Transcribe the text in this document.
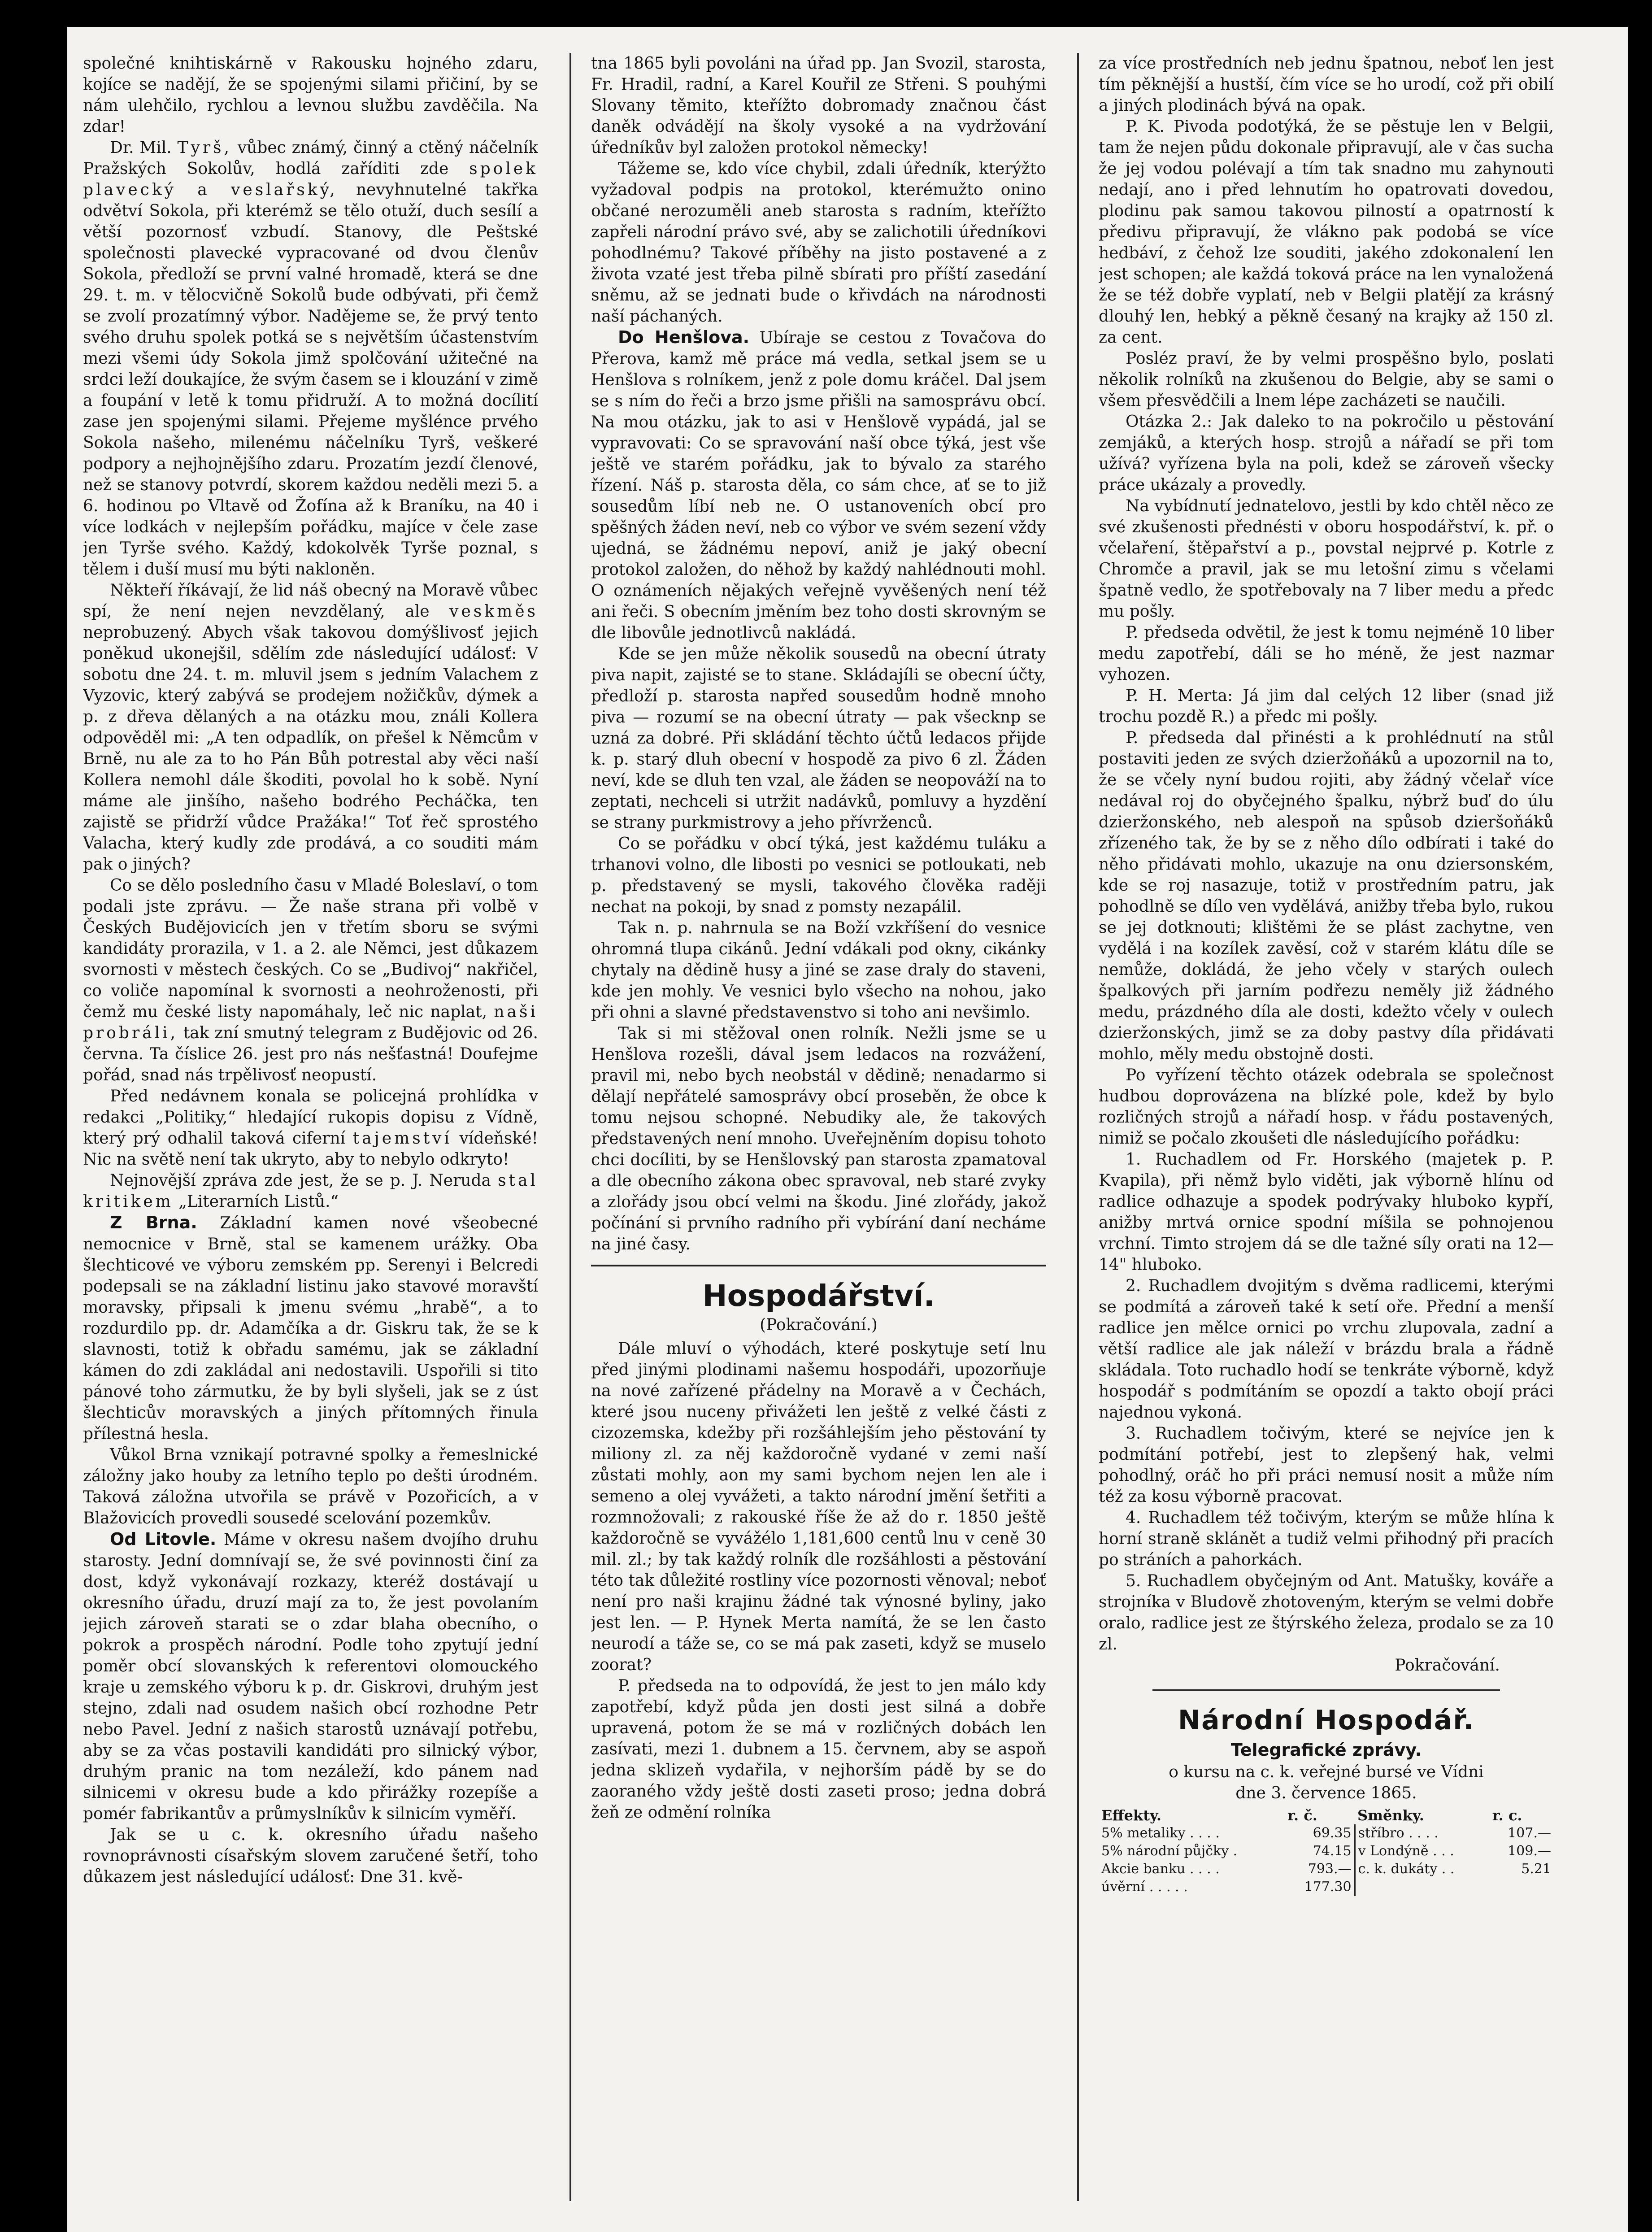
společné knihtiskárně v Rakousku hojného zdaru, kojíce se nadějí, že se spojenými silami přičiní, by se nám ulehčilo, rychlou a levnou službu zavděčila. Na zdar!

Dr. Mil. Tyrš, vůbec známý, činný a ctěný náčelník Pražských Sokolův, hodlá zaříditi zde spolek plavecký a veslařský, nevyhnutelné takřka odvětví Sokola, při kterémž se tělo otuží, duch sesílí a větší pozornosť vzbudí. Stanovy, dle Peštské společnosti plavecké vypracované od dvou členův Sokola, předloží se první valné hromadě, která se dne 29. t. m. v tělocvičně Sokolů bude odbývati, při čemž se zvolí prozatímný výbor. Nadějeme se, že prvý tento svého druhu spolek potká se s největším účastenstvím mezi všemi údy Sokola jimž spolčování užitečné na srdci leží doukajíce, že svým časem se i klouzání v zimě a foupání v letě k tomu přidruží. A to možná docílití zase jen spojenými silami. Přejeme myšlénce prvého Sokola našeho, milenému náčelníku Tyrš, veškeré podpory a nejhojnějšího zdaru. Prozatím jezdí členové, než se stanovy potvrdí, skorem každou neděli mezi 5. a 6. hodinou po Vltavě od Žofína až k Braníku, na 40 i více lodkách v nejlepším pořádku, majíce v čele zase jen Tyrše svého. Každý, kdokolvěk Tyrše poznal, s tělem i duší musí mu býti nakloněn.

Někteří říkávají, že lid náš obecný na Moravě vůbec spí, že není nejen nevzdělaný, ale veskměs neprobuzený. Abych však takovou domýšlivosť jejich poněkud ukonejšil, sdělím zde následující událosť: V sobotu dne 24. t. m. mluvil jsem s jedním Valachem z Vyzovic, který zabývá se prodejem nožičkův, dýmek a p. z dřeva dělaných a na otázku mou, ználi Kollera odpověděl mi: „A ten odpadlík, on přešel k Němcům v Brně, nu ale za to ho Pán Bůh potrestal aby věci naší Kollera nemohl dále škoditi, povolal ho k sobě. Nyní máme ale jinšího, našeho bodrého Pecháčka, ten zajistě se přidrží vůdce Pražáka!“ Toť řeč sprostého Valacha, který kudly zde prodává, a co souditi mám pak o jiných?

Co se dělo posledního času v Mladé Boleslaví, o tom podali jste zprávu. — Že naše strana při volbě v Českých Budějovicích jen v třetím sboru se svými kandidáty prorazila, v 1. a 2. ale Němci, jest důkazem svornosti v městech českých. Co se „Budivoj“ nakřičel, co voliče napomínal k svornosti a neohroženosti, při čemž mu české listy napomáhaly, leč nic naplat, naši probráli, tak zní smutný telegram z Budějovic od 26. června. Ta číslice 26. jest pro nás nešťastná! Doufejme pořád, snad nás trpělivosť neopustí.

Před nedávnem konala se policejná prohlídka v redakci „Politiky,“ hledající rukopis dopisu z Vídně, který prý odhalil taková ciferní tajemství vídeňské! Nic na světě není tak ukryto, aby to nebylo odkryto!

Nejnovější zpráva zde jest, že se p. J. Neruda stal kritikem „Literarních Listů.“

Z Brna. Základní kamen nové všeobecné nemocnice v Brně, stal se kamenem urážky. Oba šlechticové ve výboru zemském pp. Serenyi i Belcredi podepsali se na základní listinu jako stavové moravští moravsky, připsali k jmenu svému „hrabě“, a to rozdurdilo pp. dr. Adamčíka a dr. Giskru tak, že se k slavnosti, totiž k obřadu samému, jak se základní kámen do zdi zakládal ani nedostavili. Uspořili si tito pánové toho zármutku, že by byli slyšeli, jak se z úst šlechticův moravských a jiných přítomných řinula přílestná hesla.

Vůkol Brna vznikají potravné spolky a řemeslnické záložny jako houby za letního teplo po dešti úrodném. Taková záložna utvořila se právě v Pozořicích, a v Blažovicích provedli sousedé scelování pozemkův.

Od Litovle. Máme v okresu našem dvojího druhu starosty. Jední domnívají se, že své povinnosti činí za dost, když vykonávají rozkazy, kteréž dostávají u okresního úřadu, druzí mají za to, že jest povolaním jejich zároveň starati se o zdar blaha obecního, o pokrok a prospěch národní. Podle toho zpytují jední poměr obcí slovanských k referentovi olomouckého kraje u zemského výboru k p. dr. Giskrovi, druhým jest stejno, zdali nad osudem našich obcí rozhodne Petr nebo Pavel. Jední z našich starostů uznávají potřebu, aby se za včas postavili kandidáti pro silnický výbor, druhým pranic na tom nezáleží, kdo pánem nad silnicemi v okresu bude a kdo přirážky rozepíše a pomér fabrikantův a průmyslníkův k silnicím vyměří.

Jak se u c. k. okresního úřadu našeho rovnoprávnosti císařským slovem zaručené šetří, toho důkazem jest následující událosť: Dne 31. kvě-

tna 1865 byli povoláni na úřad pp. Jan Svozil, starosta, Fr. Hradil, radní, a Karel Kouřil ze Střeni. S pouhými Slovany těmito, kteřížto dobromady značnou část daněk odvádějí na školy vysoké a na vydržování úředníkův byl založen protokol německy!

Tážeme se, kdo více chybil, zdali úředník, kterýžto vyžadoval podpis na protokol, kterémužto onino občané nerozuměli aneb starosta s radním, kteřížto zapřeli národní právo své, aby se zalichotili úředníkovi pohodlnému? Takové příběhy na jisto postavené a z života vzaté jest třeba pilně sbírati pro příští zasedání sněmu, až se jednati bude o křivdách na národnosti naší páchaných.

Do Henšlova. Ubíraje se cestou z Tovačova do Přerova, kamž mě práce má vedla, setkal jsem se u Henšlova s rolníkem, jenž z pole domu kráčel. Dal jsem se s ním do řeči a brzo jsme přišli na samosprávu obcí. Na mou otázku, jak to asi v Henšlově vypádá, jal se vypravovati: Co se spravování naší obce týká, jest vše ještě ve starém pořádku, jak to bývalo za starého řízení. Náš p. starosta děla, co sám chce, ať se to již sousedům líbí neb ne. O ustanoveních obcí pro spěšných žáden neví, neb co výbor ve svém sezení vždy ujedná, se žádnému nepoví, aniž je jaký obecní protokol založen, do něhož by každý nahlédnouti mohl. O oznámeních nějakých veřejně vyvěšených není též ani řeči. S obecním jměním bez toho dosti skrovným se dle libovůle jednotlivců nakládá.

Kde se jen může několik sousedů na obecní útraty piva napit, zajisté se to stane. Skládajíli se obecní účty, předloží p. starosta napřed sousedům hodně mnoho piva — rozumí se na obecní útraty — pak všecknp se uzná za dobré. Při skládání těchto účtů ledacos přijde k. p. starý dluh obecní v hospodě za pivo 6 zl. Žáden neví, kde se dluh ten vzal, ale žáden se neopováží na to zeptati, nechceli si utržit nadávků, pomluvy a hyzdění se strany purkmistrovy a jeho přívrženců.

Co se pořádku v obcí týká, jest každému tuláku a trhanovi volno, dle libosti po vesnici se potloukati, neb p. představený se mysli, takového člověka raději nechat na pokoji, by snad z pomsty nezapálil.

Tak n. p. nahrnula se na Boží vzkříšení do vesnice ohromná tlupa cikánů. Jední vdákali pod okny, cikánky chytaly na dědině husy a jiné se zase draly do staveni, kde jen mohly. Ve vesnici bylo všecho na nohou, jako při ohni a slavné představenstvo si toho ani nevšimlo.

Tak si mi stěžoval onen rolník. Nežli jsme se u Henšlova rozešli, dával jsem ledacos na rozvážení, pravil mi, nebo bych neobstál v dědině; nenadarmo si dělají nepřátelé samosprávy obcí proseběn, že obce k tomu nejsou schopné. Nebudiky ale, že takových představených není mnoho. Uveřejněním dopisu tohoto chci docíliti, by se Henšlovský pan starosta zpamatoval a dle obecního zákona obec spravoval, neb staré zvyky a zlořády jsou obcí velmi na škodu. Jiné zlořády, jakož počínání si prvního radního při vybírání daní necháme na jiné časy.

Hospodářství.
(Pokračování.)

Dále mluví o výhodách, které poskytuje setí lnu před jinými plodinami našemu hospodáři, upozorňuje na nové zařízené přádelny na Moravě a v Čechách, které jsou nuceny přivážeti len ještě z velké části z cizozemska, kdežby při rozšáhlejším jeho pěstování ty miliony zl. za něj každoročně vydané v zemi naší zůstati mohly, aon my sami bychom nejen len ale i semeno a olej vyvážeti, a takto národní jmění šetřiti a rozmnožovali; z rakouské říše že až do r. 1850 ještě každoročně se vyvážélo 1,181,600 centů lnu v ceně 30 mil. zl.; by tak každý rolník dle rozšáhlosti a pěstování této tak důležité rostliny více pozornosti věnoval; neboť není pro naši krajinu žádné tak výnosné byliny, jako jest len. — P. Hynek Merta namítá, že se len často neurodí a táže se, co se má pak zaseti, když se muselo zoorat?

P. předseda na to odpovídá, že jest to jen málo kdy zapotřebí, když půda jen dosti jest silná a dobře upravená, potom že se má v rozličných dobách len zasívati, mezi 1. dubnem a 15. červnem, aby se aspoň jedna sklizeň vydařila, v nejhorším pádě by se do zaoraného vždy ještě dosti zaseti proso; jedna dobrá žeň ze odmění rolníka

za více prostředních neb jednu špatnou, neboť len jest tím pěknější a hustší, čím více se ho urodí, což při obilí a jiných plodinách bývá na opak.

P. K. Pivoda podotýká, že se pěstuje len v Belgii, tam že nejen půdu dokonale připravují, ale v čas sucha že jej vodou polévají a tím tak snadno mu zahynouti nedají, ano i před lehnutím ho opatrovati dovedou, plodinu pak samou takovou pilností a opatrností k předivu připravují, že vlákno pak podobá se více hedbáví, z čehož lze souditi, jakého zdokonalení len jest schopen; ale každá toková práce na len vynaložená že se též dobře vyplatí, neb v Belgii platějí za krásný dlouhý len, hebký a pěkně česaný na krajky až 150 zl. za cent.

Posléz praví, že by velmi prospěšno bylo, poslati několik rolníků na zkušenou do Belgie, aby se sami o všem přesvědčili a lnem lépe zacházeti se naučili.

Otázka 2.: Jak daleko to na pokročilo u pěstování zemjáků, a kterých hosp. strojů a nářadí se při tom užívá? vyřízena byla na poli, kdež se zároveň všecky práce ukázaly a provedly.

Na vybídnutí jednatelovo, jestli by kdo chtěl něco ze své zkušenosti přednésti v oboru hospodářství, k. př. o včelaření, štěpařství a p., povstal nejprvé p. Kotrle z Chromče a pravil, jak se mu letošní zimu s včelami špatně vedlo, že spotřebovaly na 7 liber medu a předc mu pošly.

P. předseda odvětil, že jest k tomu nejméně 10 liber medu zapotřebí, dáli se ho méně, že jest nazmar vyhozen.

P. H. Merta: Já jim dal celých 12 liber (snad již trochu pozdě R.) a předc mi pošly.

P. předseda dal přinésti a k prohlédnutí na stůl postaviti jeden ze svých dzieržoňáků a upozornil na to, že se včely nyní budou rojiti, aby žádný včelař více nedával roj do obyčejného špalku, nýbrž buď do úlu dzieržonského, neb alespoň na spůsob dzieršoňáků zřízeného tak, že by se z něho dílo odbírati i také do něho přidávati mohlo, ukazuje na onu dziersonském, kde se roj nasazuje, totiž v prostředním patru, jak pohodlně se dílo ven vydělává, anižby třeba bylo, rukou se jej dotknouti; klištěmi že se plást zachytne, ven vydělá i na kozílek zavěsí, což v starém klátu díle se nemůže, dokládá, že jeho včely v starých oulech špalkových při jarním podřezu neměly již žádného medu, prázdného díla ale dosti, kdežto včely v oulech dzieržonských, jimž se za doby pastvy díla přidávati mohlo, měly medu obstojně dosti.

Po vyřízení těchto otázek odebrala se společnost hudbou doprovázena na blízké pole, kdež by bylo rozličných strojů a nářadí hosp. v řádu postavených, nimiž se počalo zkoušeti dle následujícího pořádku:

1. Ruchadlem od Fr. Horského (majetek p. P. Kvapila), při němž bylo viděti, jak výborně hlínu od radlice odhazuje a spodek podrývaky hluboko kypří, anižby mrtvá ornice spodní míšila se pohnojenou vrchní. Timto strojem dá se dle tažné síly orati na 12—14" hluboko.

2. Ruchadlem dvojitým s dvěma radlicemi, kterými se podmítá a zároveň také k setí oře. Přední a menší radlice jen mělce ornici po vrchu zlupovala, zadní a větší radlice ale jak náleží v brázdu brala a řádně skládala. Toto ruchadlo hodí se tenkráte výborně, když hospodář s podmítáním se opozdí a takto obojí práci najednou vykoná.

3. Ruchadlem točivým, které se nejvíce jen k podmítání potřebí, jest to zlepšený hak, velmi pohodlný, oráč ho při práci nemusí nosit a může ním též za kosu výborně pracovat.

4. Ruchadlem též točivým, kterým se může hlína k horní straně sklánět a tudiž velmi přihodný při pracích po stráních a pahorkách.

5. Ruchadlem obyčejným od Ant. Matušky, kováře a strojníka v Bludově zhotoveným, kterým se velmi dobře oralo, radlice jest ze štýrského železa, prodalo se za 10 zl.

Pokračování.

Národní Hospodář.
Telegrafické zprávy.

o kursu na c. k. veřejné bursé ve Vídni

dne 3. července 1865.

Effekty.	r. č.	Směnky.	r. c.
5% metaliky . . . .	69.35	stříbro . . . .	107.—
5% národní půjčky .	74.15	v Londýně . . .	109.—
Akcie banku . . . .	793.—	c. k. dukáty . .	5.21
úvěrní . . . . .	177.30		
